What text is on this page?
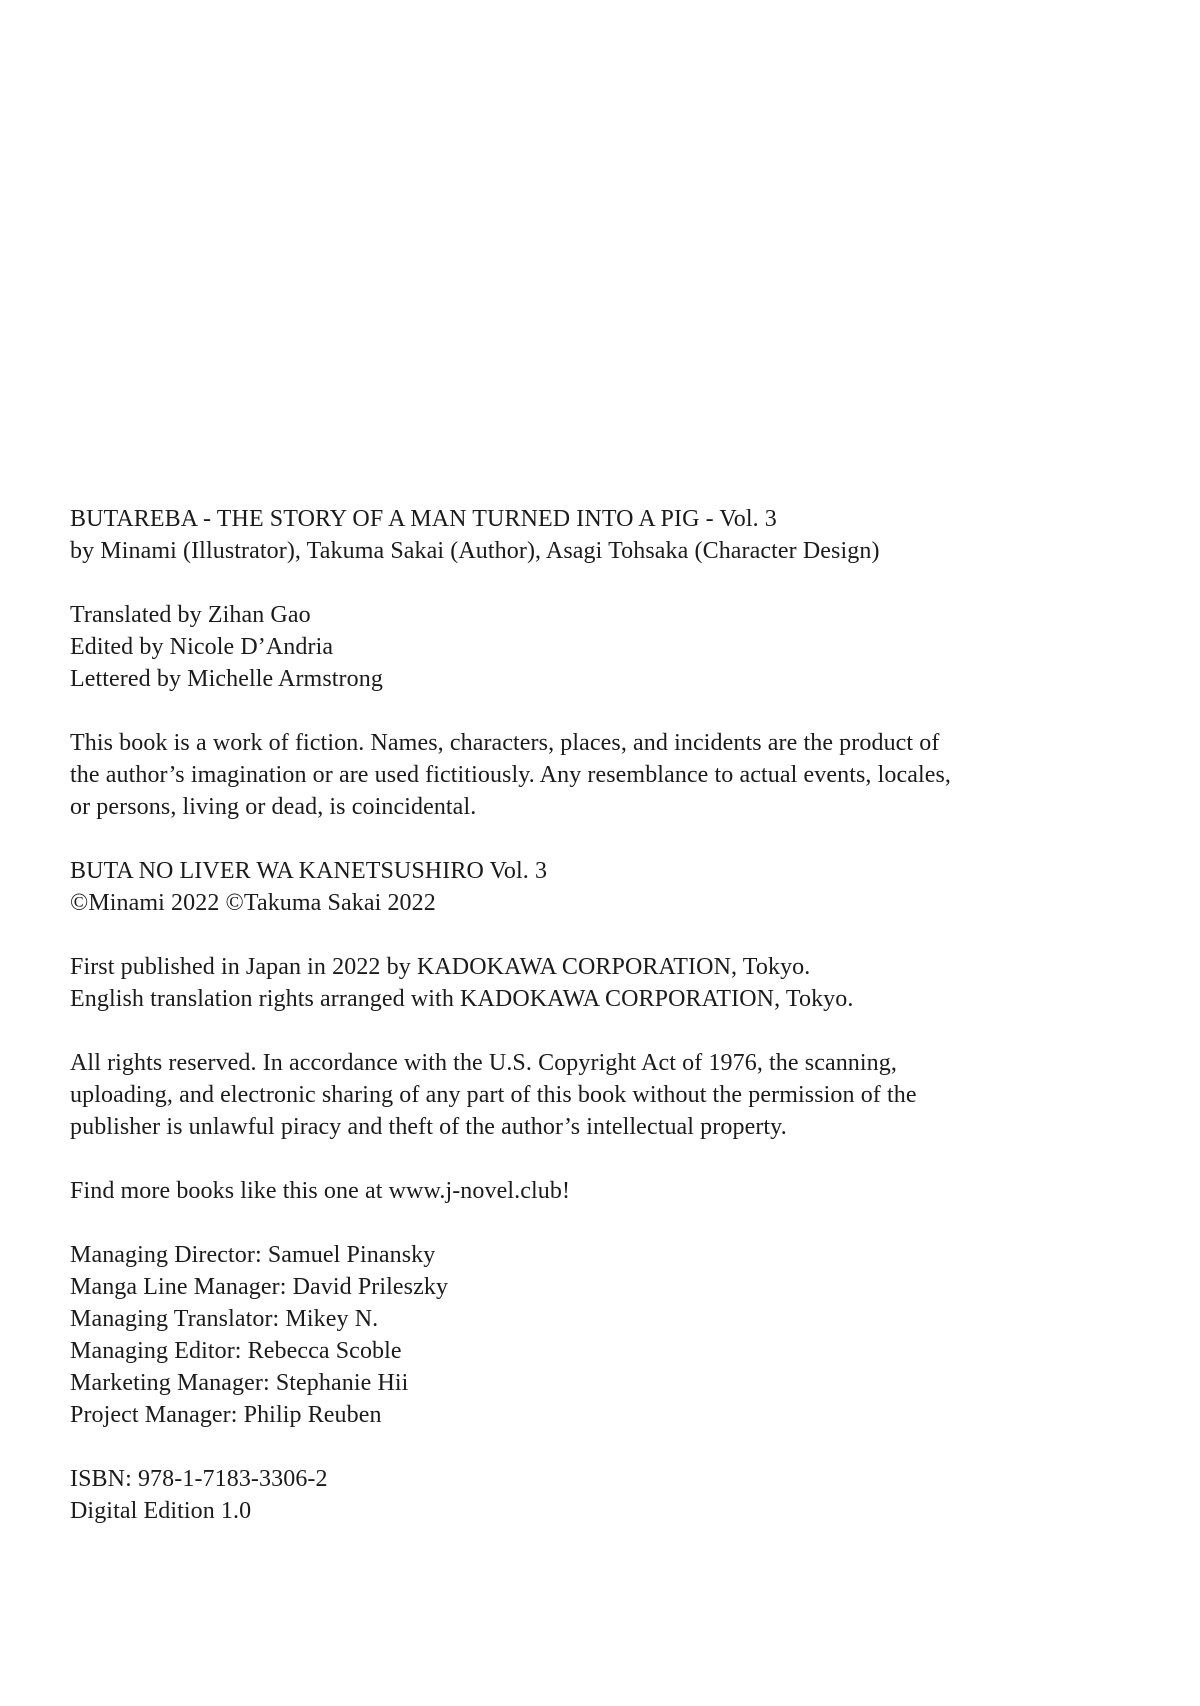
BUTAREBA - THE STORY OF A MAN TURNED INTO A PIG - Vol. 3
by Minami (Illustrator), Takuma Sakai (Author), Asagi Tohsaka (Character Design)
Translated by Zihan Gao
Edited by Nicole D’Andria
Lettered by Michelle Armstrong
This book is a work of fiction. Names, characters, places, and incidents are the product of
the author’s imagination or are used fictitiously. Any resemblance to actual events, locales,
or persons, living or dead, is coincidental.
BUTA NO LIVER WA KANETSUSHIRO Vol. 3
©Minami 2022 ©Takuma Sakai 2022
First published in Japan in 2022 by KADOKAWA CORPORATION, Tokyo.
English translation rights arranged with KADOKAWA CORPORATION, Tokyo.
All rights reserved. In accordance with the U.S. Copyright Act of 1976, the scanning,
uploading, and electronic sharing of any part of this book without the permission of the
publisher is unlawful piracy and theft of the author’s intellectual property.
Find more books like this one at www.j-novel.club!
Managing Director: Samuel Pinansky
Manga Line Manager: David Prileszky
Managing Translator: Mikey N.
Managing Editor: Rebecca Scoble
Marketing Manager: Stephanie Hii
Project Manager: Philip Reuben
ISBN: 978-1-7183-3306-2
Digital Edition 1.0
